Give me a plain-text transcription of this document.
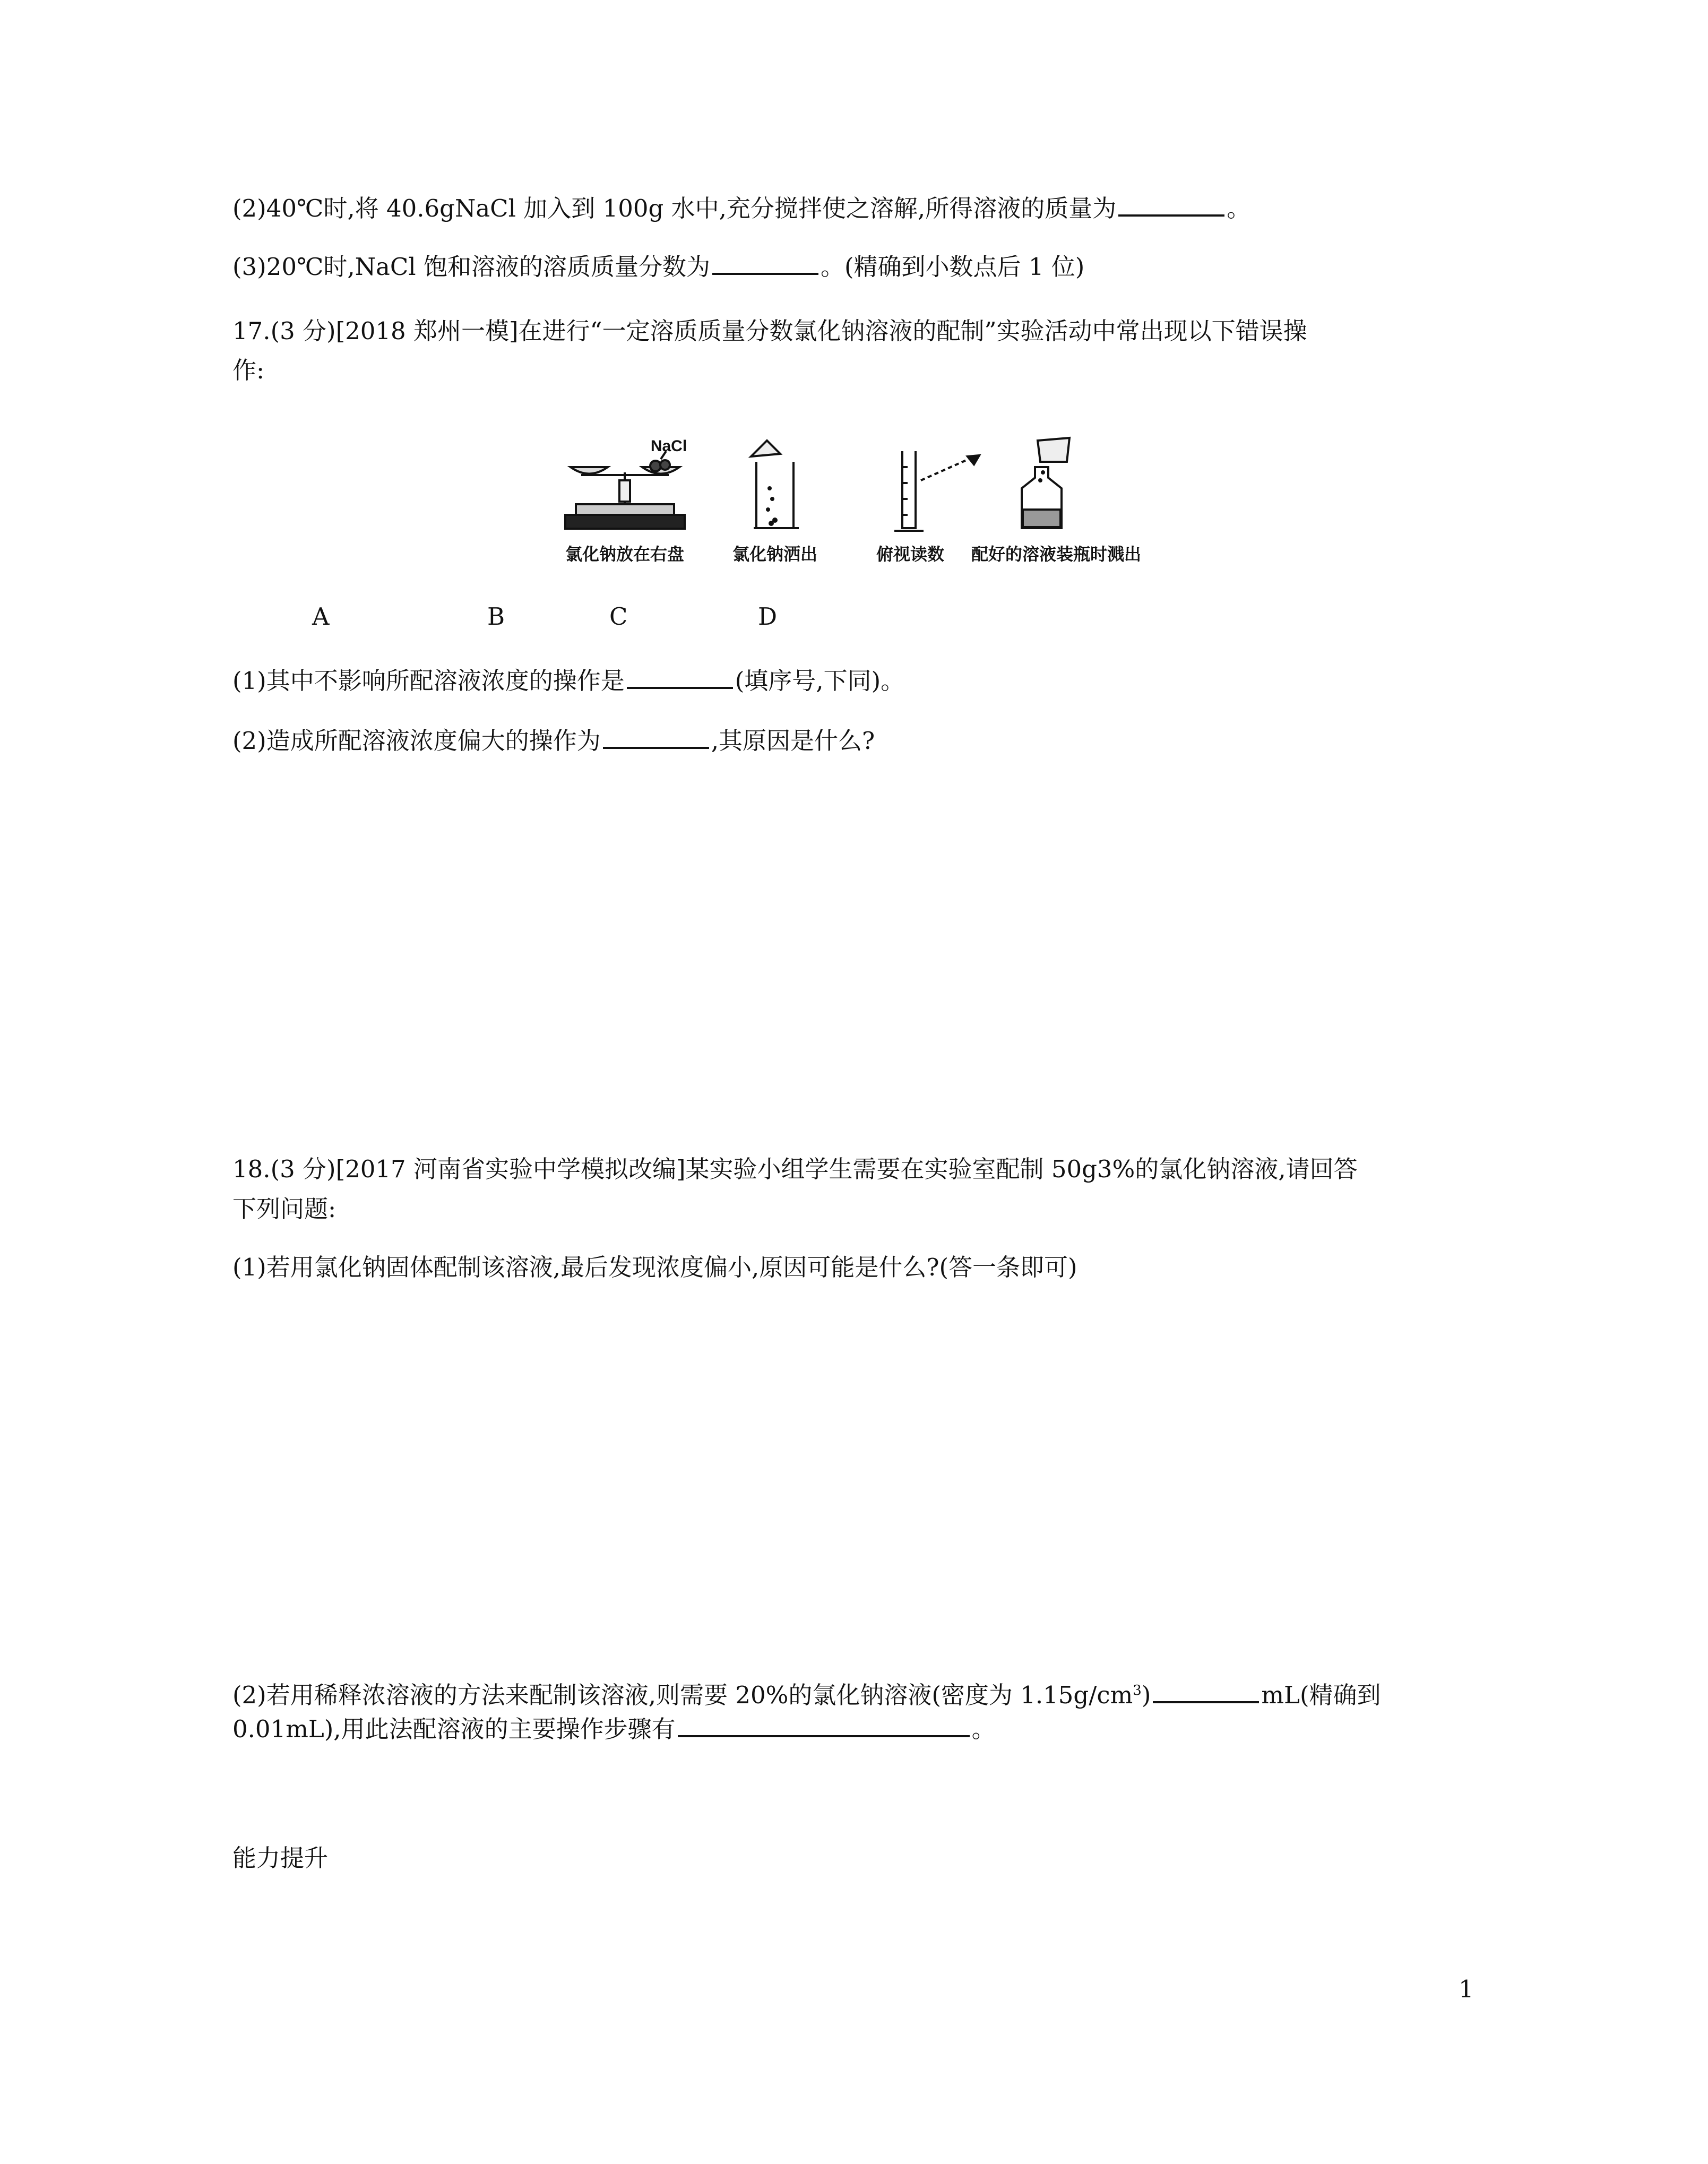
(2)40℃时,将 40.6gNaCl 加入到 100g 水中,充分搅拌使之溶解,所得溶液的质量为	。
(3)20℃时,NaCl 饱和溶液的溶质质量分数为	。(精确到小数点后 1 位)
17.(3 分)[2018 郑州一模]在进行“一定溶质质量分数氯化钠溶液的配制”实验活动中常出现以下错误操
作:
NaCl
氯化钠放在右盘	氯化钠洒出	俯视读数 配好的溶液装瓶时溅出
A	B	C	D
(1)其中不影响所配溶液浓度的操作是	(填序号,下同)。
(2)造成所配溶液浓度偏大的操作为	,其原因是什么?
18.(3 分)[2017 河南省实验中学模拟改编]某实验小组学生需要在实验室配制 50g3%的氯化钠溶液,请回答
下列问题:
(1)若用氯化钠固体配制该溶液,最后发现浓度偏小,原因可能是什么?(答一条即可)
(2)若用稀释浓溶液的方法来配制该溶液,则需要 20%的氯化钠溶液(密度为 $1.15g/cm^3$)	mL(精确到
0.01mL),用此法配溶液的主要操作步骤有	。
能力提升
1
